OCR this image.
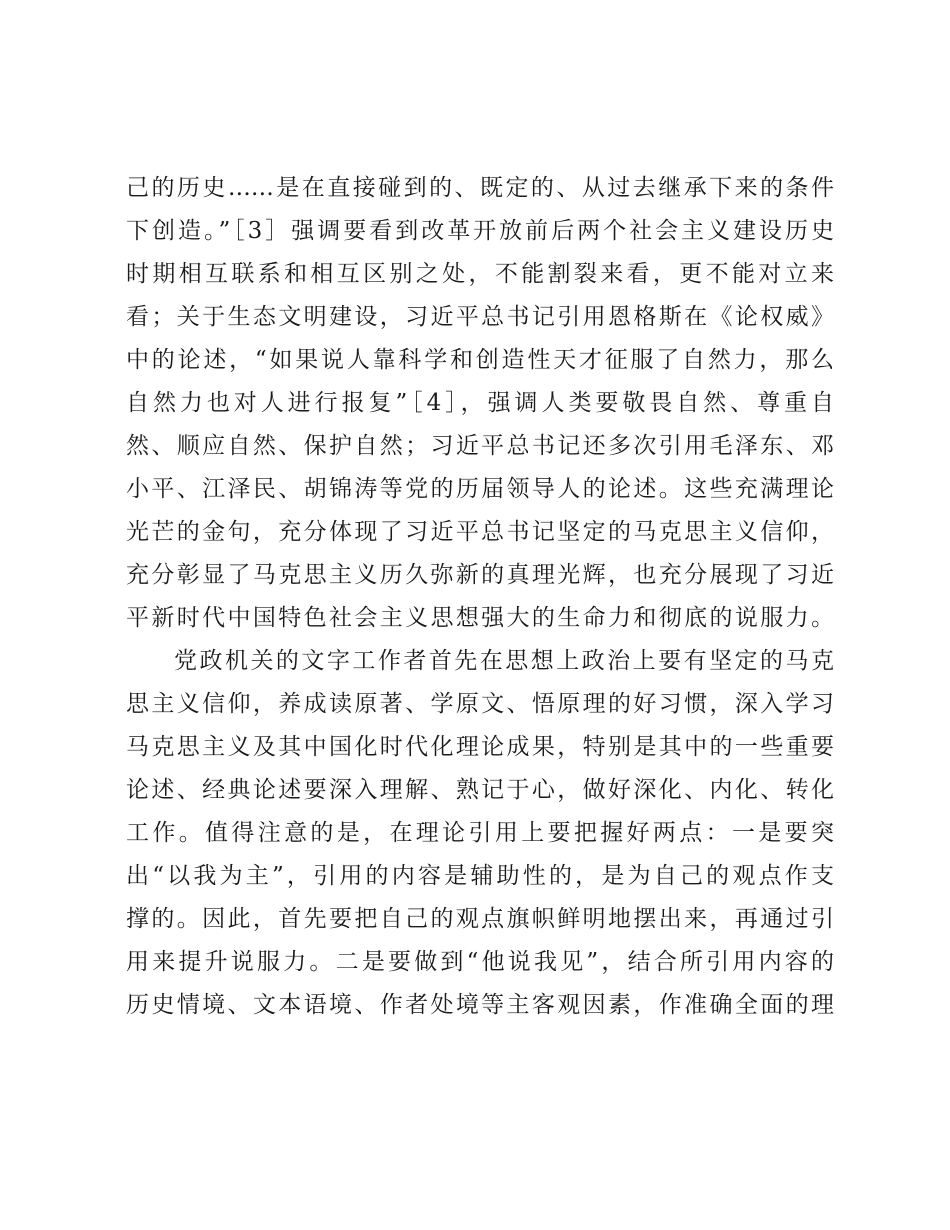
己的历史……是在直接碰到的、既定的、从过去继承下来的条件
下创造。”［3］强调要看到改革开放前后两个社会主义建设历史
时期相互联系和相互区别之处，不能割裂来看，更不能对立来
看；关于生态文明建设，习近平总书记引用恩格斯在《论权威》
中的论述，“如果说人靠科学和创造性天才征服了自然力，那么
自然力也对人进行报复”［4］，强调人类要敬畏自然、尊重自
然、顺应自然、保护自然；习近平总书记还多次引用毛泽东、邓
小平、江泽民、胡锦涛等党的历届领导人的论述。这些充满理论
光芒的金句，充分体现了习近平总书记坚定的马克思主义信仰，
充分彰显了马克思主义历久弥新的真理光辉，也充分展现了习近
平新时代中国特色社会主义思想强大的生命力和彻底的说服力。
党政机关的文字工作者首先在思想上政治上要有坚定的马克
思主义信仰，养成读原著、学原文、悟原理的好习惯，深入学习
马克思主义及其中国化时代化理论成果，特别是其中的一些重要
论述、经典论述要深入理解、熟记于心，做好深化、内化、转化
工作。值得注意的是，在理论引用上要把握好两点：一是要突
出“以我为主”，引用的内容是辅助性的，是为自己的观点作支
撑的。因此，首先要把自己的观点旗帜鲜明地摆出来，再通过引
用来提升说服力。二是要做到“他说我见”，结合所引用内容的
历史情境、文本语境、作者处境等主客观因素，作准确全面的理
